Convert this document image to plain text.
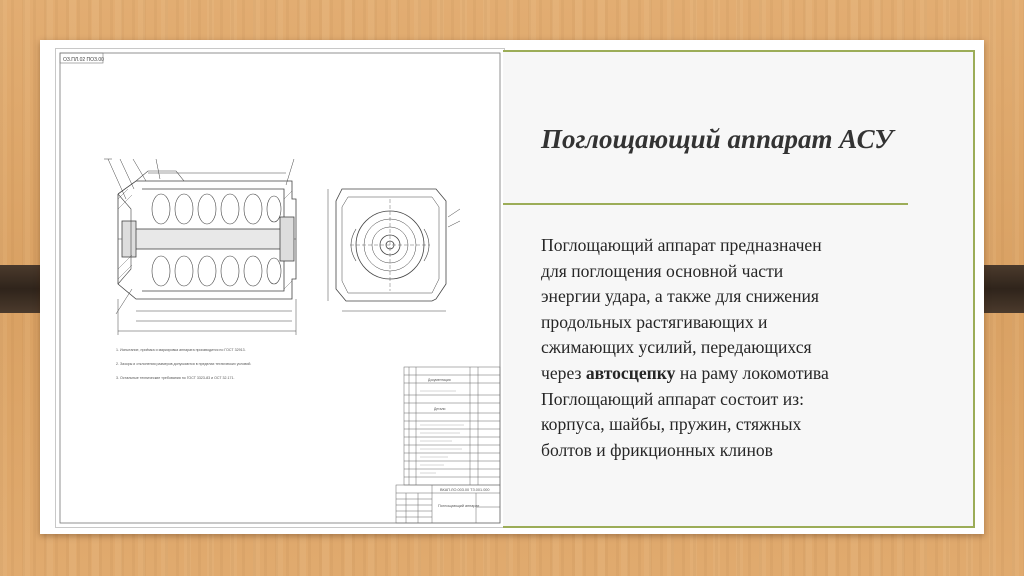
ОЗ.ПЛ.02 ПОЗ.00
1. Испытание, приёмка и маркировка аппарата производится по ГОСТ 32913.
2. Зазоры и отклонения размеров допускаются в пределах технических условий.
3. Остальные технические требования по ГОСТ 3323-83 и ОСТ 32.171.	Документация
Детали
ВКАП.ЛО.003.00 ТЗ.001.000
Поглощающий аппарат
Поглощающий аппарат АСУ

Поглощающий аппарат предназначен
для поглощения основной части
энергии удара, а также для снижения
продольных растягивающих и
сжимающих усилий, передающихся
через автосцепку на раму локомотива
Поглощающий аппарат состоит из:
корпуса, шайбы, пружин, стяжных
болтов и фрикционных клинов
